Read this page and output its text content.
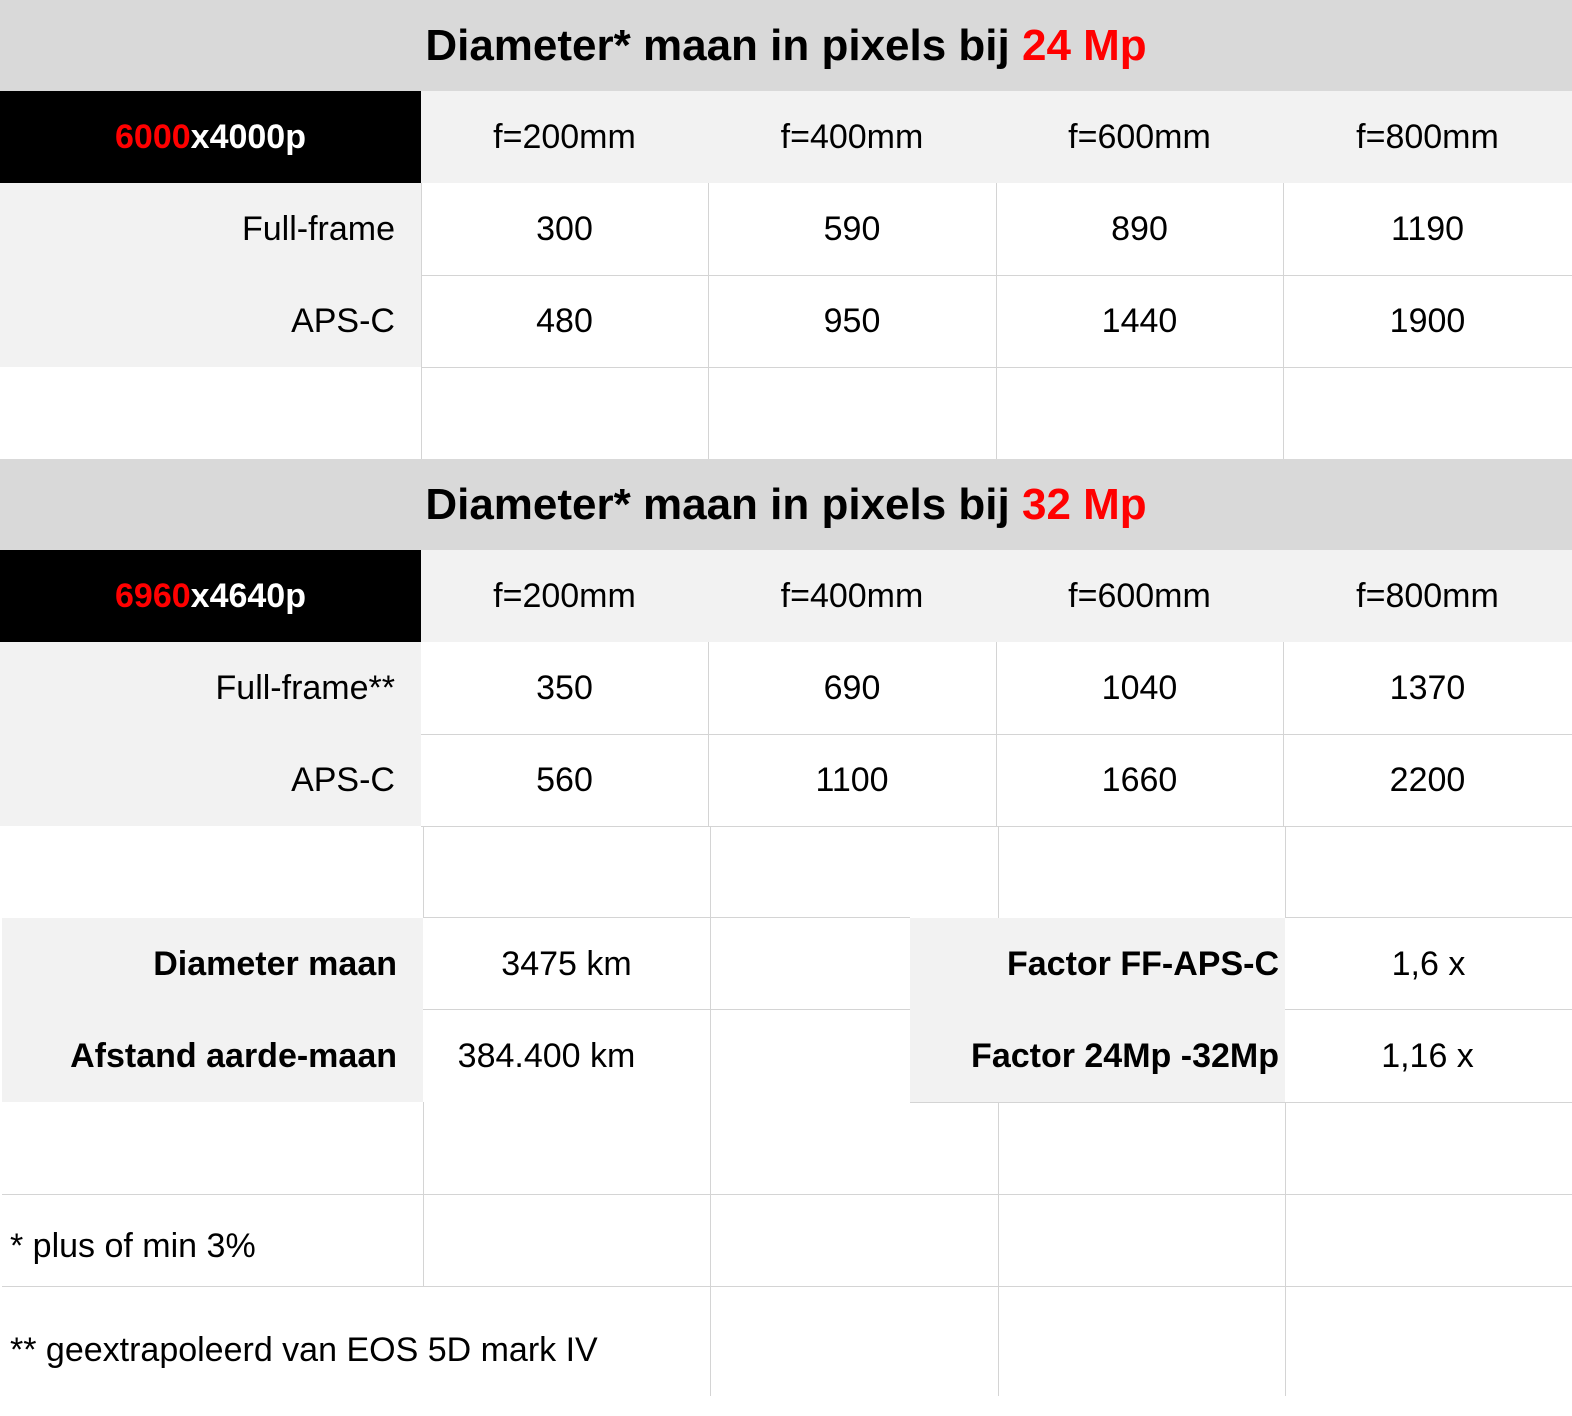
Diameter* maan in pixels bij 24 Mp
6000 x4000p	f=200mm	f=400mm	f=600mm	f=800mm
Full-frame	300	590	890	1190
APS-C	480	950	1440	1900
Diameter* maan in pixels bij 32 Mp
6960 x4640p	f=200mm	f=400mm	f=600mm	f=800mm
Full-frame**	350	690	1040	1370
APS-C	560	1100	1660	2200
Diameter maan	3475 km	Factor FF-APS-C	1,6 x
Afstand aarde-maan	384.400 km	Factor 24Mp -32Mp	1,16 x
* plus of min 3%
** geextrapoleerd van EOS 5D mark IV
